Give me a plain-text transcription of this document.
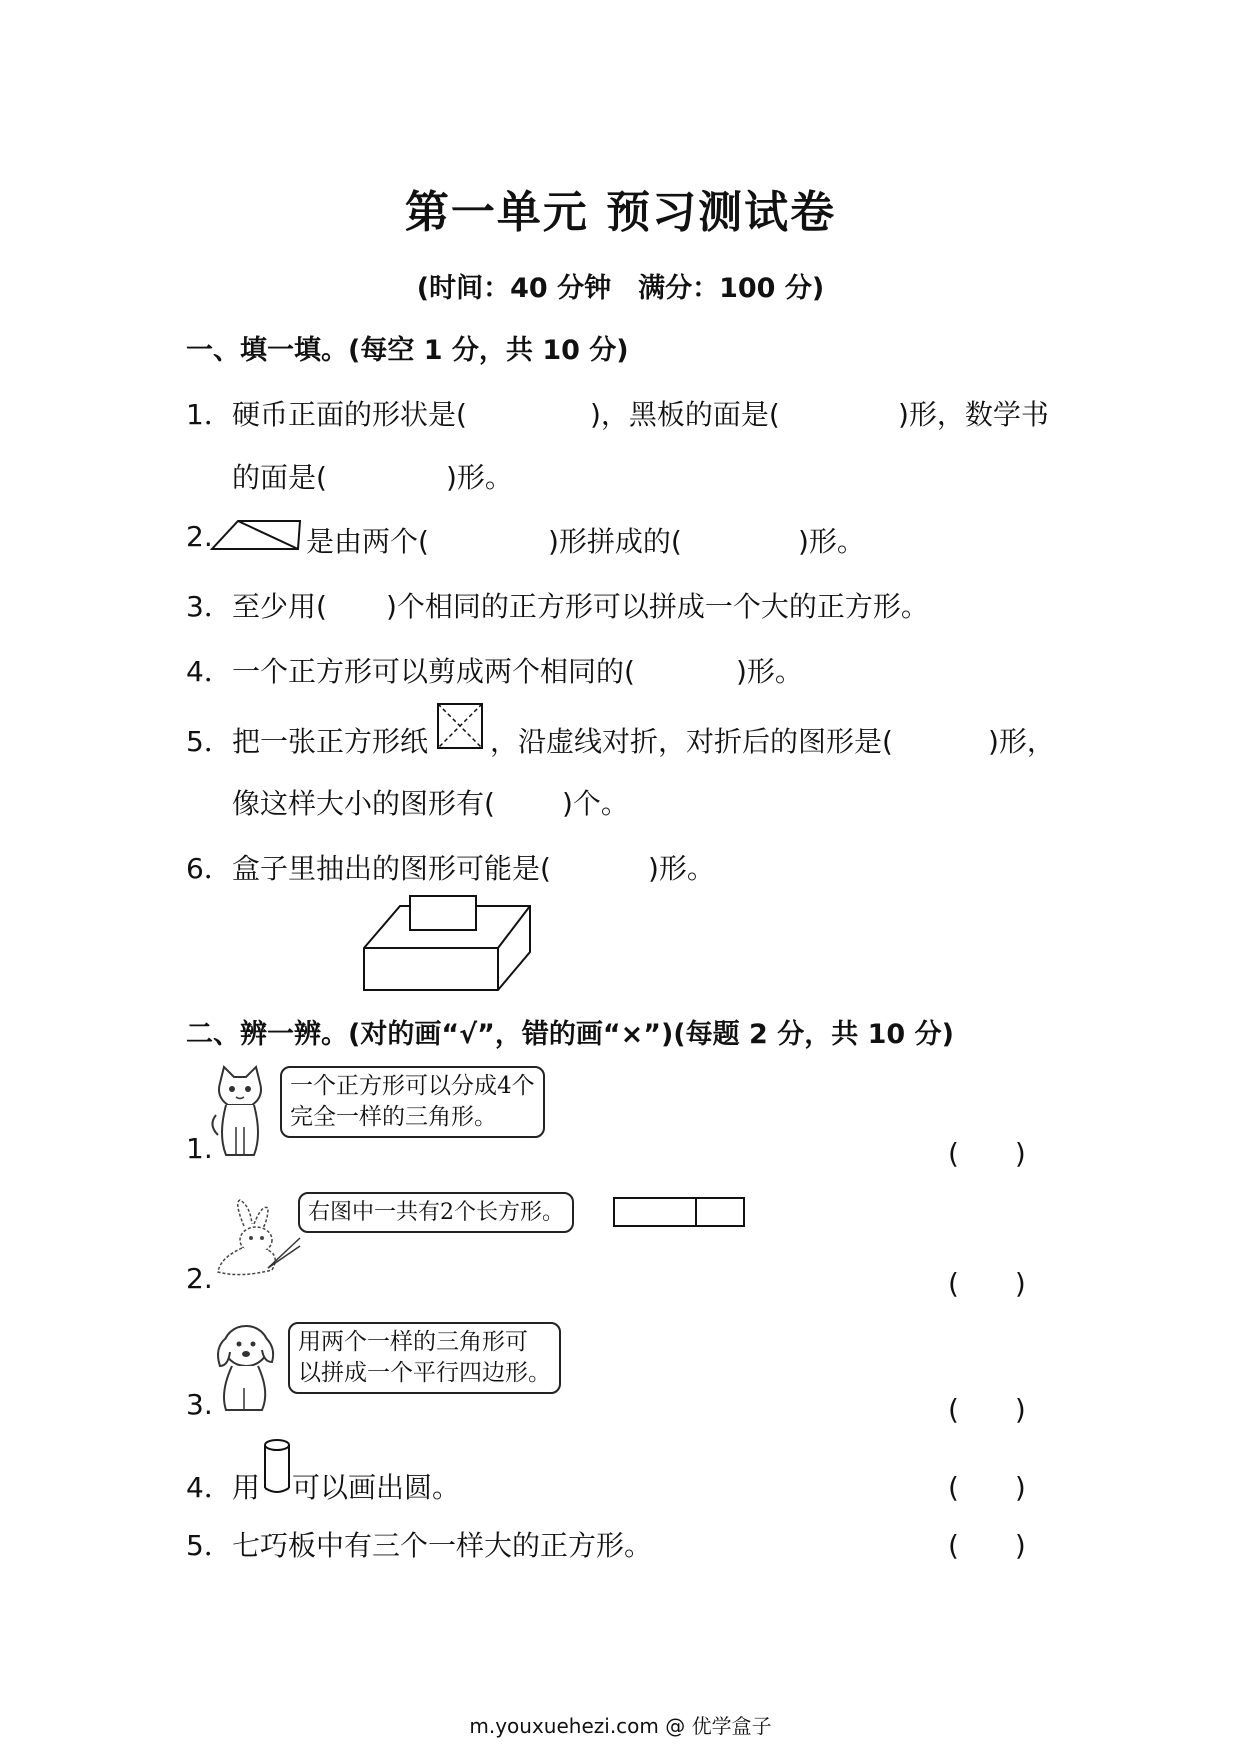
第一单元 预习测试卷
(时间：40 分钟　满分：100 分)
一、填一填。(每空 1 分，共 10 分)
1． 硬币正面的形状是(	)，黑板的面是(	)形，数学书
的面是(	)形。
2.	是由两个(	)形拼成的(	)形。
3． 至少用( )个相同的正方形可以拼成一个大的正方形。
4． 一个正方形可以剪成两个相同的(	)形。
5． 把一张正方形纸 ，沿虚线对折，对折后的图形是(	)形，
像这样大小的图形有( )个。
6． 盒子里抽出的图形可能是(	)形。
二、辨一辨。(对的画“√”，错的画“×”)(每题 2 分，共 10 分)
一个正方形可以分成4个
完全一样的三角形。
1.	(　　)
右图中一共有2个长方形。
2.	(　　)
用两个一样的三角形可
以拼成一个平行四边形。
3.	(　　)
4． 用 可以画出圆。	(　　)
5． 七巧板中有三个一样大的正方形。	(　　)
m.youxuehezi.com @ 优学盒子
